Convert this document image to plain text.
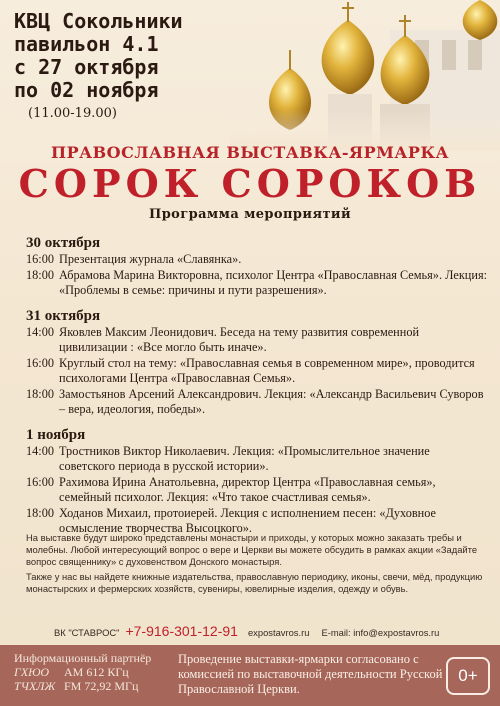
КВЦ Сокольники
павильон 4.1
с 27 октября
по 02 ноября
(11.00-19.00)
ПРАВОСЛАВНАЯ ВЫСТАВКА-ЯРМАРКА
СОРОК СОРОКОВ
Программа мероприятий
30 октября
16:00 Презентация журнала «Славянка».
18:00 Абрамова Марина Викторовна, психолог Центра «Православная Семья». Лекция: «Проблемы в семье: причины и пути разрешения».
31 октября
14:00 Яковлев Максим Леонидович. Беседа на тему развития современной цивилизации : «Все могло быть иначе».
16:00 Круглый стол на тему: «Православная семья в современном мире», проводится психологами Центра «Православная Семья».
18:00 Замостьянов Арсений Александрович. Лекция: «Александр Васильевич Суворов – вера, идеология, победы».
1 ноября
14:00 Тростников Виктор Николаевич. Лекция: «Промыслительное значение советского периода в русской истории».
16:00 Рахимова Ирина Анатольевна, директор Центра «Православная семья», семейный психолог. Лекция: «Что такое счастливая семья».
18:00 Ходанов Михаил, протоиерей. Лекция с исполнением песен: «Духовное осмысление творчества Высоцкого».

На выставке будут широко представлены монастыри и приходы, у которых можно заказать требы и молебны. Любой интересующий вопрос о вере и Церкви вы можете обсудить в рамках акции «Задайте вопрос священнику» с духовенством Донского монастыря.

Также у нас вы найдете книжные издательства, православную периодику, иконы, свечи, мёд, продукцию монастырских и фермерских хозяйств, сувениры, ювелирные изделия, одежду и обувь.

ВК "СТАВРОС" +7-916-301-12-91 expostavros.ru E-mail: info@expostavros.ru
Информационный партнёр
ГХЮО	АМ 612 КГц
ТЧХЛЖ FM 72,92 МГц
Проведение выставки-ярмарки согласовано с комиссией по выставочной деятельности Русской Православной Церкви.
0+
